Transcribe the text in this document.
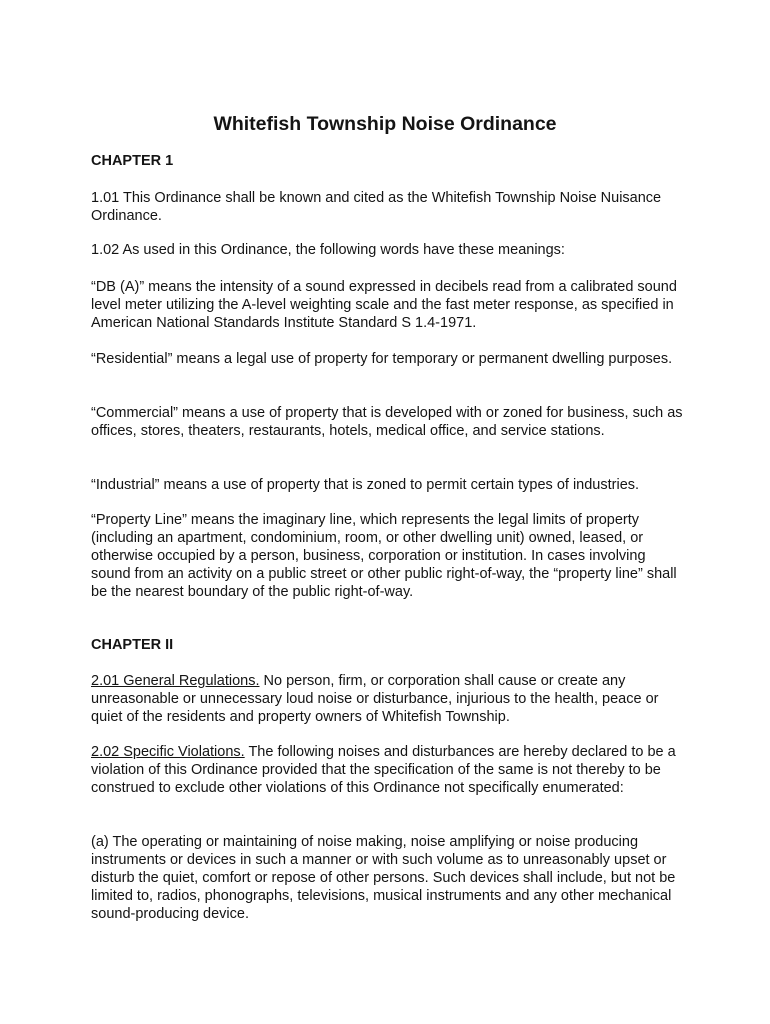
Whitefish Township Noise Ordinance
CHAPTER 1

1.01 This Ordinance shall be known and cited as the Whitefish Township Noise Nuisance Ordinance.

1.02 As used in this Ordinance, the following words have these meanings:

“DB (A)” means the intensity of a sound expressed in decibels read from a calibrated sound level meter utilizing the A-level weighting scale and the fast meter response, as specified in American National Standards Institute Standard S 1.4-1971.

“Residential” means a legal use of property for temporary or permanent dwelling purposes.

“Commercial” means a use of property that is developed with or zoned for business, such as offices, stores, theaters, restaurants, hotels, medical office, and service stations.

“Industrial” means a use of property that is zoned to permit certain types of industries.

“Property Line” means the imaginary line, which represents the legal limits of property (including an apartment, condominium, room, or other dwelling unit) owned, leased, or otherwise occupied by a person, business, corporation or institution. In cases involving sound from an activity on a public street or other public right-of-way, the “property line” shall be the nearest boundary of the public right-of-way.

CHAPTER II

2.01 General Regulations. No person, firm, or corporation shall cause or create any unreasonable or unnecessary loud noise or disturbance, injurious to the health, peace or quiet of the residents and property owners of Whitefish Township.

2.02 Specific Violations. The following noises and disturbances are hereby declared to be a violation of this Ordinance provided that the specification of the same is not thereby to be construed to exclude other violations of this Ordinance not specifically enumerated:

(a) The operating or maintaining of noise making, noise amplifying or noise producing instruments or devices in such a manner or with such volume as to unreasonably upset or disturb the quiet, comfort or repose of other persons. Such devices shall include, but not be limited to, radios, phonographs, televisions, musical instruments and any other mechanical sound-producing device.
